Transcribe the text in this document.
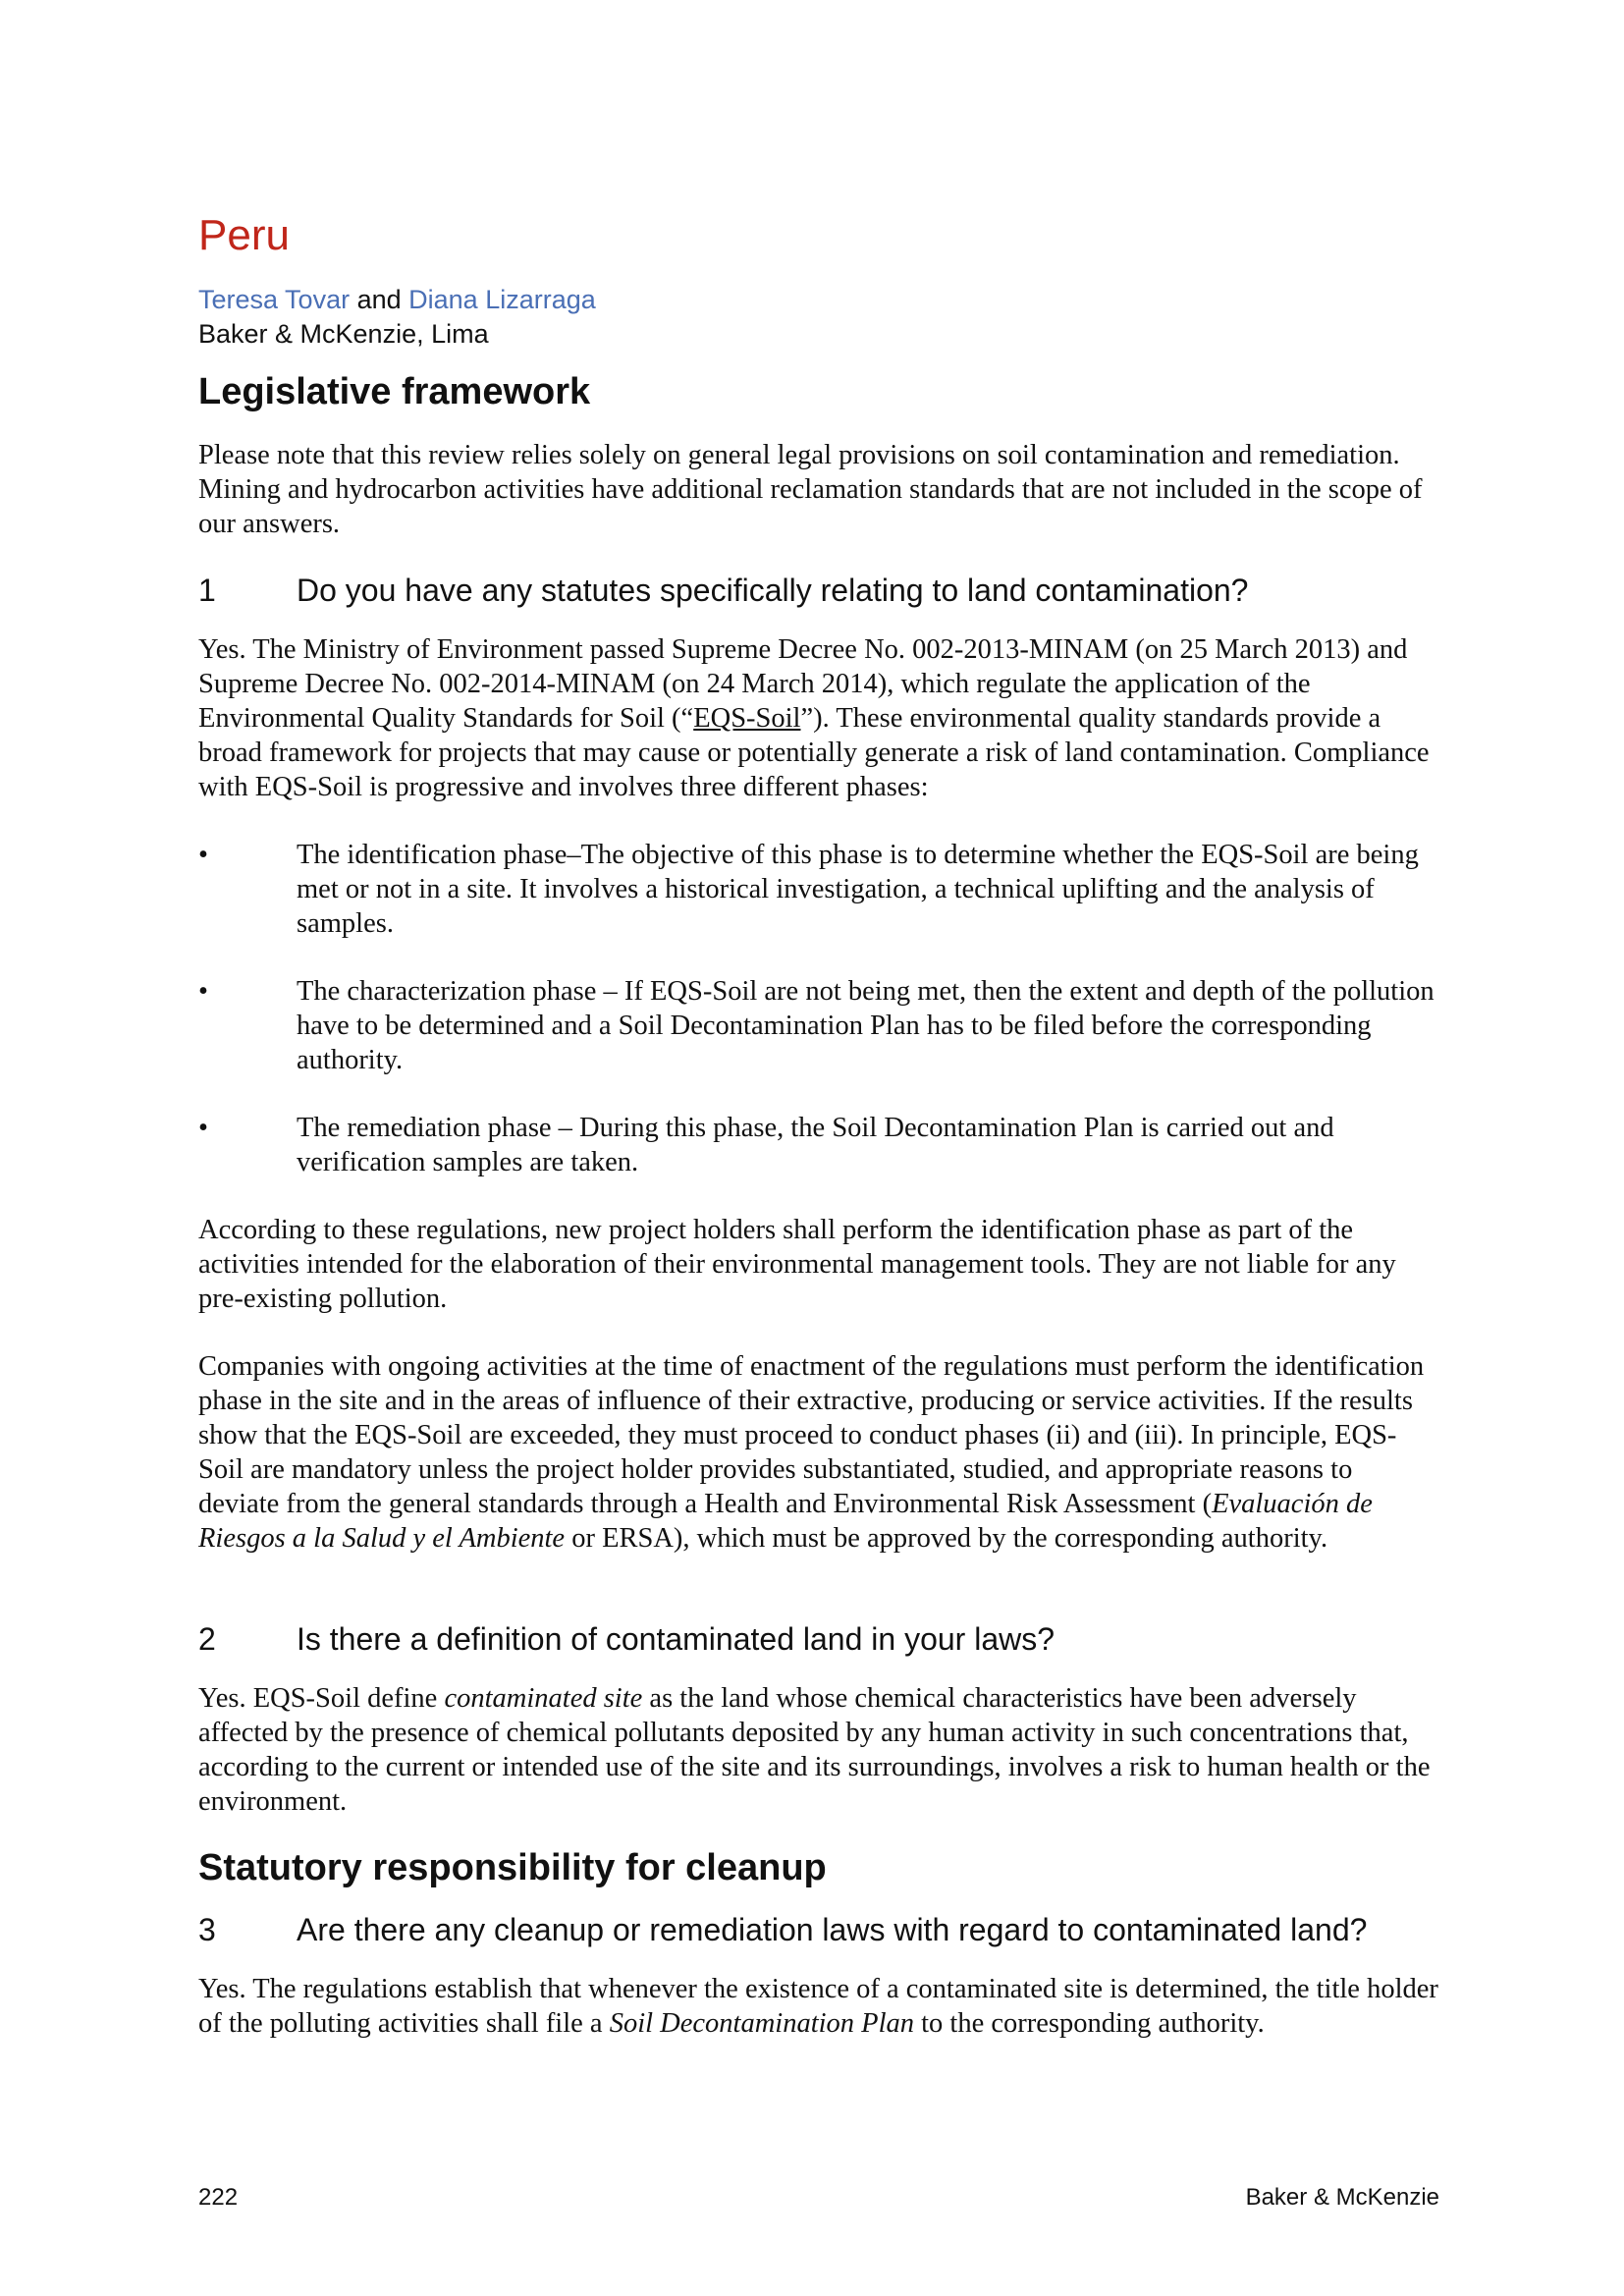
Peru
Teresa Tovar and Diana Lizarraga
Baker & McKenzie, Lima
Legislative framework
Please note that this review relies solely on general legal provisions on soil contamination and remediation. Mining and hydrocarbon activities have additional reclamation standards that are not included in the scope of our answers.
1	Do you have any statutes specifically relating to land contamination?
Yes. The Ministry of Environment passed Supreme Decree No. 002-2013-MINAM (on 25 March 2013) and Supreme Decree No. 002-2014-MINAM (on 24 March 2014), which regulate the application of the Environmental Quality Standards for Soil (“EQS-Soil”). These environmental quality standards provide a broad framework for projects that may cause or potentially generate a risk of land contamination. Compliance with EQS-Soil is progressive and involves three different phases:
•	The identification phase–The objective of this phase is to determine whether the EQS-Soil are being met or not in a site. It involves a historical investigation, a technical uplifting and the analysis of samples.
•	The characterization phase – If EQS-Soil are not being met, then the extent and depth of the pollution have to be determined and a Soil Decontamination Plan has to be filed before the corresponding authority.
•	The remediation phase – During this phase, the Soil Decontamination Plan is carried out and verification samples are taken.
According to these regulations, new project holders shall perform the identification phase as part of the activities intended for the elaboration of their environmental management tools. They are not liable for any pre-existing pollution.
Companies with ongoing activities at the time of enactment of the regulations must perform the identification phase in the site and in the areas of influence of their extractive, producing or service activities. If the results show that the EQS-Soil are exceeded, they must proceed to conduct phases (ii) and (iii). In principle, EQS-Soil are mandatory unless the project holder provides substantiated, studied, and appropriate reasons to deviate from the general standards through a Health and Environmental Risk Assessment (Evaluación de Riesgos a la Salud y el Ambiente or ERSA), which must be approved by the corresponding authority.
2	Is there a definition of contaminated land in your laws?
Yes. EQS-Soil define contaminated site as the land whose chemical characteristics have been adversely affected by the presence of chemical pollutants deposited by any human activity in such concentrations that, according to the current or intended use of the site and its surroundings, involves a risk to human health or the environment.
Statutory responsibility for cleanup
3	Are there any cleanup or remediation laws with regard to contaminated land?
Yes. The regulations establish that whenever the existence of a contaminated site is determined, the title holder of the polluting activities shall file a Soil Decontamination Plan to the corresponding authority.
222	Baker & McKenzie
